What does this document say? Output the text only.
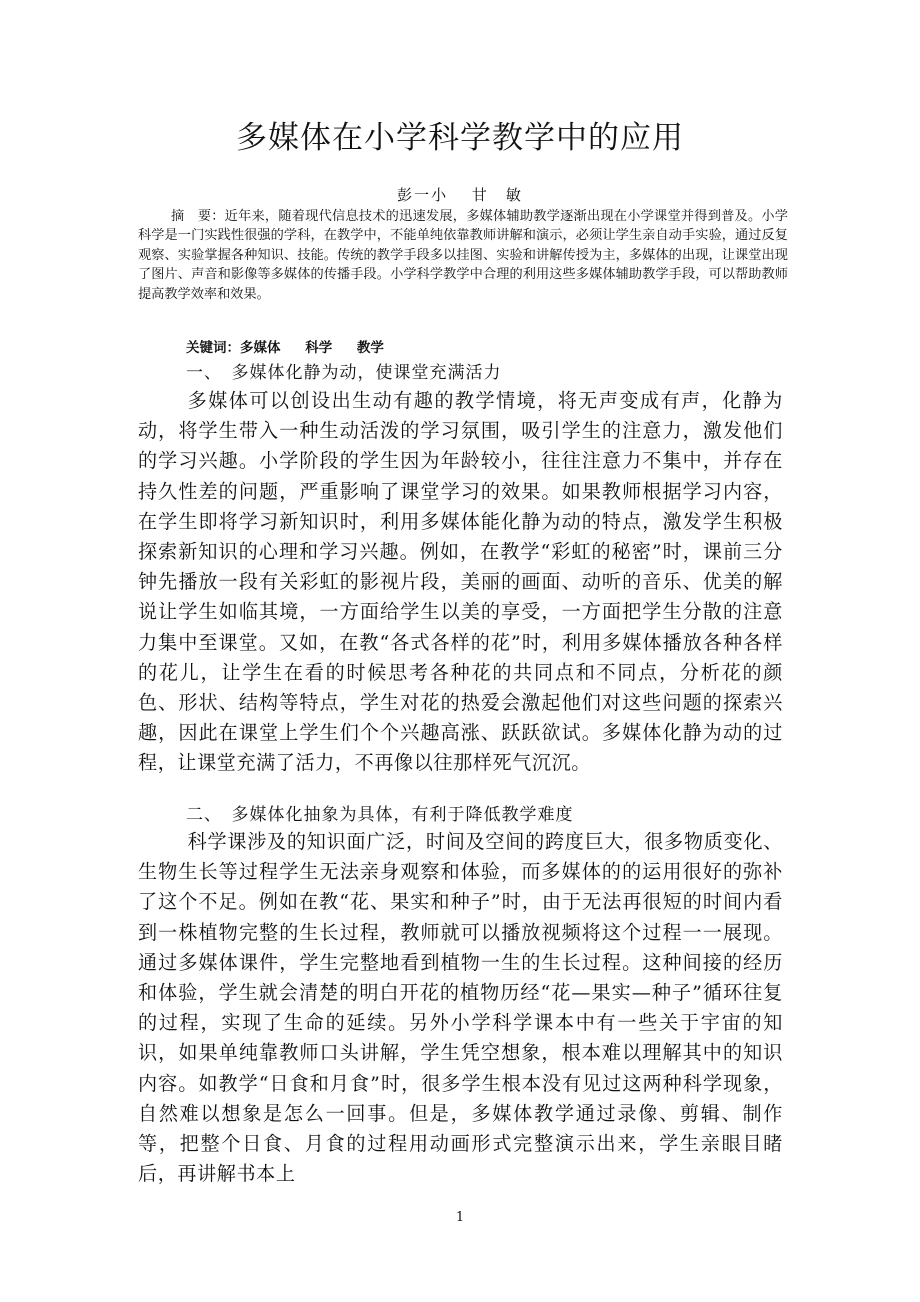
多媒体在小学科学教学中的应用
彭一小　 甘　敏

摘　要：近年来，随着现代信息技术的迅速发展，多媒体辅助教学逐渐出现在小学课堂并得到普及。小学科学是一门实践性很强的学科，在教学中，不能单纯依靠教师讲解和演示，必须让学生亲自动手实验，通过反复观察、实验掌握各种知识、技能。传统的教学手段多以挂图、实验和讲解传授为主，多媒体的出现，让课堂出现了图片、声音和影像等多媒体的传播手段。小学科学教学中合理的利用这些多媒体辅助教学手段，可以帮助教师提高教学效率和效果。

关键词：多媒体 科学 教学
一、　多媒体化静为动，使课堂充满活力

多媒体可以创设出生动有趣的教学情境，将无声变成有声，化静为动，将学生带入一种生动活泼的学习氛围，吸引学生的注意力，激发他们的学习兴趣。小学阶段的学生因为年龄较小，往往注意力不集中，并存在持久性差的问题，严重影响了课堂学习的效果。如果教师根据学习内容，在学生即将学习新知识时，利用多媒体能化静为动的特点，激发学生积极探索新知识的心理和学习兴趣。例如，在教学“彩虹的秘密”时，课前三分钟先播放一段有关彩虹的影视片段，美丽的画面、动听的音乐、优美的解说让学生如临其境，一方面给学生以美的享受，一方面把学生分散的注意力集中至课堂。又如，在教“各式各样的花”时，利用多媒体播放各种各样的花儿，让学生在看的时候思考各种花的共同点和不同点，分析花的颜色、形状、结构等特点，学生对花的热爱会激起他们对这些问题的探索兴趣，因此在课堂上学生们个个兴趣高涨、跃跃欲试。多媒体化静为动的过程，让课堂充满了活力，不再像以往那样死气沉沉。

二、　多媒体化抽象为具体，有利于降低教学难度

科学课涉及的知识面广泛，时间及空间的跨度巨大，很多物质变化、生物生长等过程学生无法亲身观察和体验，而多媒体的的运用很好的弥补了这个不足。例如在教“花、果实和种子”时，由于无法再很短的时间内看到一株植物完整的生长过程，教师就可以播放视频将这个过程一一展现。通过多媒体课件，学生完整地看到植物一生的生长过程。这种间接的经历和体验，学生就会清楚的明白开花的植物历经“花—果实—种子”循环往复的过程，实现了生命的延续。另外小学科学课本中有一些关于宇宙的知识，如果单纯靠教师口头讲解，学生凭空想象，根本难以理解其中的知识内容。如教学“日食和月食”时，很多学生根本没有见过这两种科学现象，自然难以想象是怎么一回事。但是，多媒体教学通过录像、剪辑、制作等，把整个日食、月食的过程用动画形式完整演示出来，学生亲眼目睹后，再讲解书本上

1
